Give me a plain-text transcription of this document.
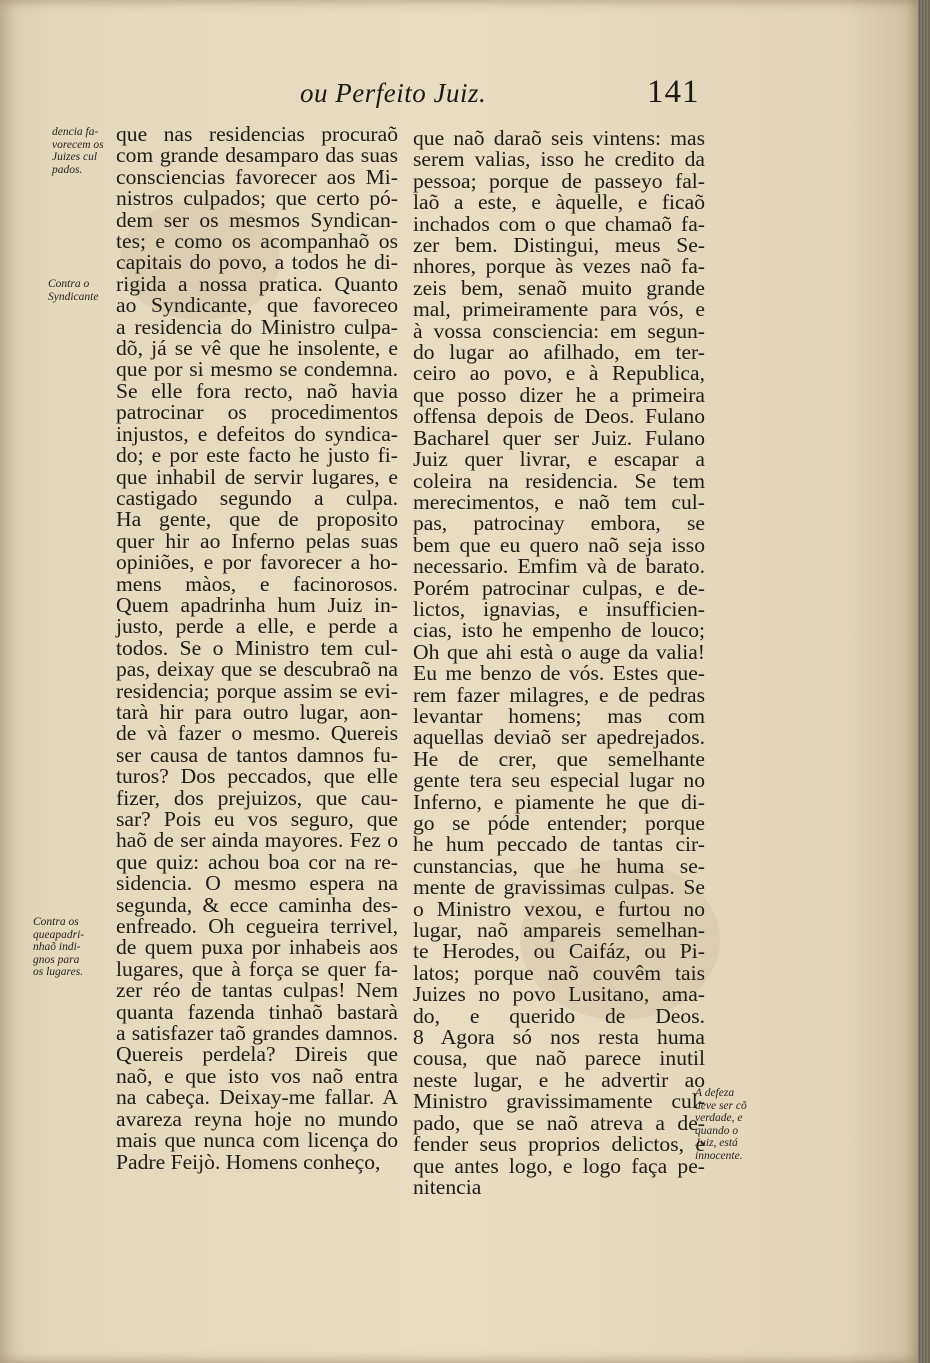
ou Perfeito Juiz.	141
dencia fa-
vorecem os
Juizes cul
pados.
Contra o
Syndicante
Contra os
queapadri-
nhaõ indi-
gnos para
os lugares.
A defeza
deve ser cõ
verdade, e
quando o
Juiz, está
innocente.
que nas residencias procuraõ
com grande desamparo das suas
consciencias favorecer aos Mi-
nistros culpados; que certo pó-
dem ser os mesmos Syndican-
tes; e como os acompanhaõ os
capitais do povo, a todos he di-
rigida a nossa pratica. Quanto
ao Syndicante, que favoreceo
a residencia do Ministro culpa-
dõ, já se vê que he insolente, e
que por si mesmo se condemna.
Se elle fora recto, naõ havia
patrocinar os procedimentos
injustos, e defeitos do syndica-
do; e por este facto he justo fi-
que inhabil de servir lugares, e
castigado segundo a culpa.
Ha gente, que de proposito
quer hir ao Inferno pelas suas
opiniões, e por favorecer a ho-
mens màos, e facinorosos.
Quem apadrinha hum Juiz in-
justo, perde a elle, e perde a
todos. Se o Ministro tem cul-
pas, deixay que se descubraõ na
residencia; porque assim se evi-
tarà hir para outro lugar, aon-
de và fazer o mesmo. Quereis
ser causa de tantos damnos fu-
turos? Dos peccados, que elle
fizer, dos prejuizos, que cau-
sar? Pois eu vos seguro, que
haõ de ser ainda mayores. Fez o
que quiz: achou boa cor na re-
sidencia. O mesmo espera na
segunda, & ecce caminha des-
enfreado. Oh cegueira terrivel,
de quem puxa por inhabeis aos
lugares, que à força se quer fa-
zer réo de tantas culpas! Nem
quanta fazenda tinhaõ bastarà
a satisfazer taõ grandes damnos.
Quereis perdela? Direis que
naõ, e que isto vos naõ entra
na cabeça. Deixay-me fallar. A
avareza reyna hoje no mundo
mais que nunca com licença do
Padre Feijò. Homens conheço,
que naõ daraõ seis vintens: mas
serem valias, isso he credito da
pessoa; porque de passeyo fal-
laõ a este, e àquelle, e ficaõ
inchados com o que chamaõ fa-
zer bem. Distingui, meus Se-
nhores, porque às vezes naõ fa-
zeis bem, senaõ muito grande
mal, primeiramente para vós, e
à vossa consciencia: em segun-
do lugar ao afilhado, em ter-
ceiro ao povo, e à Republica,
que posso dizer he a primeira
offensa depois de Deos. Fulano
Bacharel quer ser Juiz. Fulano
Juiz quer livrar, e escapar a
coleira na residencia. Se tem
merecimentos, e naõ tem cul-
pas, patrocinay embora, se
bem que eu quero naõ seja isso
necessario. Emfim và de barato.
Porém patrocinar culpas, e de-
lictos, ignavias, e insufficien-
cias, isto he empenho de louco;
Oh que ahi està o auge da valia!
Eu me benzo de vós. Estes que-
rem fazer milagres, e de pedras
levantar homens; mas com
aquellas deviaõ ser apedrejados.
He de crer, que semelhante
gente tera seu especial lugar no
Inferno, e piamente he que di-
go se póde entender; porque
he hum peccado de tantas cir-
cunstancias, que he huma se-
mente de gravissimas culpas. Se
o Ministro vexou, e furtou no
lugar, naõ ampareis semelhan-
te Herodes, ou Caifáz, ou Pi-
latos; porque naõ couvêm tais
Juizes no povo Lusitano, ama-
do, e querido de Deos.
8 Agora só nos resta huma
cousa, que naõ parece inutil
neste lugar, e he advertir ao
Ministro gravissimamente cul-
pado, que se naõ atreva a de-
fender seus proprios delictos, e
que antes logo, e logo faça pe-
nitencia
